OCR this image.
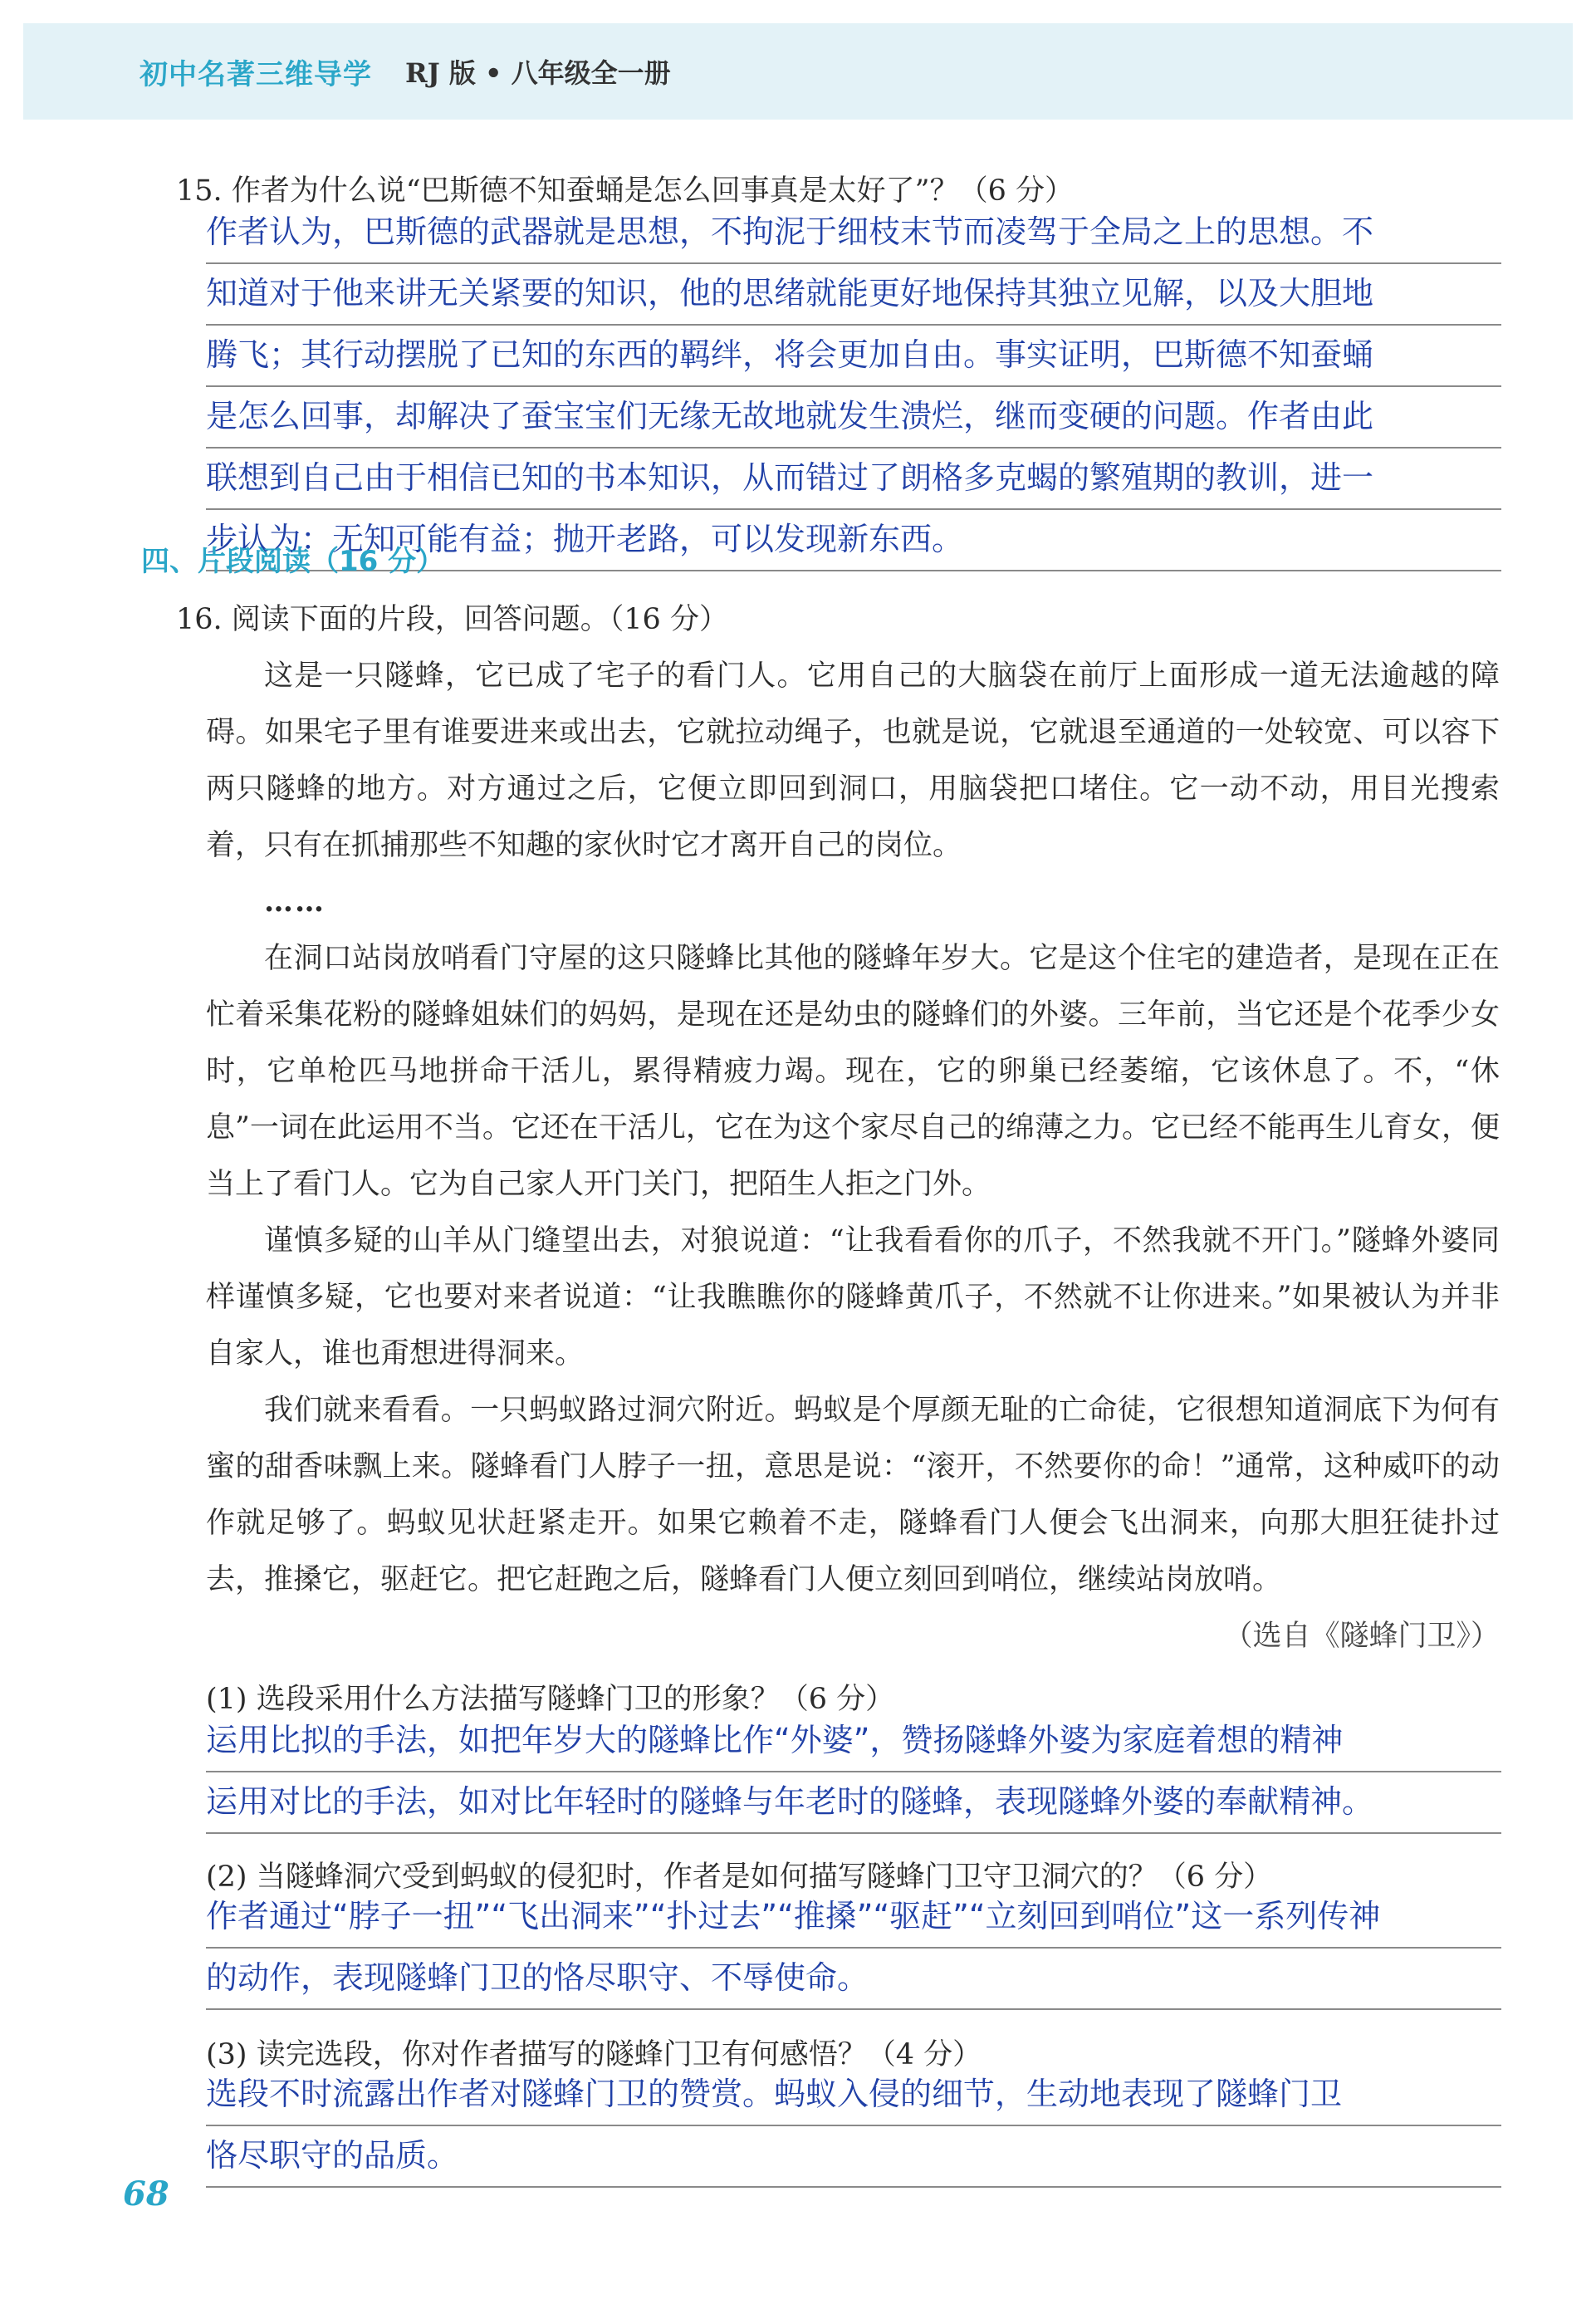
初中名著三维导学 RJ 版 • 八年级全一册
15. 作者为什么说“巴斯德不知蚕蛹是怎么回事真是太好了”？（6 分）
作者认为，巴斯德的武器就是思想，不拘泥于细枝末节而凌驾于全局之上的思想。不
知道对于他来讲无关紧要的知识，他的思绪就能更好地保持其独立见解，以及大胆地
腾飞；其行动摆脱了已知的东西的羁绊，将会更加自由。事实证明，巴斯德不知蚕蛹
是怎么回事，却解决了蚕宝宝们无缘无故地就发生溃烂，继而变硬的问题。作者由此
联想到自己由于相信已知的书本知识，从而错过了朗格多克蝎的繁殖期的教训，进一
步认为：无知可能有益；抛开老路，可以发现新东西。
四、片段阅读（16 分）
16. 阅读下面的片段，回答问题。（16 分）

这是一只隧蜂，它已成了宅子的看门人。它用自己的大脑袋在前厅上面形成一道无法逾越的障碍。如果宅子里有谁要进来或出去，它就拉动绳子，也就是说，它就退至通道的一处较宽、可以容下两只隧蜂的地方。对方通过之后，它便立即回到洞口，用脑袋把口堵住。它一动不动，用目光搜索着，只有在抓捕那些不知趣的家伙时它才离开自己的岗位。

……

在洞口站岗放哨看门守屋的这只隧蜂比其他的隧蜂年岁大。它是这个住宅的建造者，是现在正在忙着采集花粉的隧蜂姐妹们的妈妈，是现在还是幼虫的隧蜂们的外婆。三年前，当它还是个花季少女时，它单枪匹马地拼命干活儿，累得精疲力竭。现在，它的卵巢已经萎缩，它该休息了。不，“休息”一词在此运用不当。它还在干活儿，它在为这个家尽自己的绵薄之力。它已经不能再生儿育女，便当上了看门人。它为自己家人开门关门，把陌生人拒之门外。

谨慎多疑的山羊从门缝望出去，对狼说道：“让我看看你的爪子，不然我就不开门。”隧蜂外婆同样谨慎多疑，它也要对来者说道：“让我瞧瞧你的隧蜂黄爪子，不然就不让你进来。”如果被认为并非自家人，谁也甭想进得洞来。

我们就来看看。一只蚂蚁路过洞穴附近。蚂蚁是个厚颜无耻的亡命徒，它很想知道洞底下为何有蜜的甜香味飘上来。隧蜂看门人脖子一扭，意思是说：“滚开，不然要你的命！”通常，这种威吓的动作就足够了。蚂蚁见状赶紧走开。如果它赖着不走，隧蜂看门人便会飞出洞来，向那大胆狂徒扑过去，推搡它，驱赶它。把它赶跑之后，隧蜂看门人便立刻回到哨位，继续站岗放哨。
（选自《隧蜂门卫》）

(1) 选段采用什么方法描写隧蜂门卫的形象？（6 分）
运用比拟的手法，如把年岁大的隧蜂比作“外婆”，赞扬隧蜂外婆为家庭着想的精神
运用对比的手法，如对比年轻时的隧蜂与年老时的隧蜂，表现隧蜂外婆的奉献精神。
(2) 当隧蜂洞穴受到蚂蚁的侵犯时，作者是如何描写隧蜂门卫守卫洞穴的？（6 分）
作者通过“脖子一扭”“飞出洞来”“扑过去”“推搡”“驱赶”“立刻回到哨位”这一系列传神
的动作，表现隧蜂门卫的恪尽职守、不辱使命。
(3) 读完选段，你对作者描写的隧蜂门卫有何感悟？（4 分）
选段不时流露出作者对隧蜂门卫的赞赏。蚂蚁入侵的细节，生动地表现了隧蜂门卫
恪尽职守的品质。
68
